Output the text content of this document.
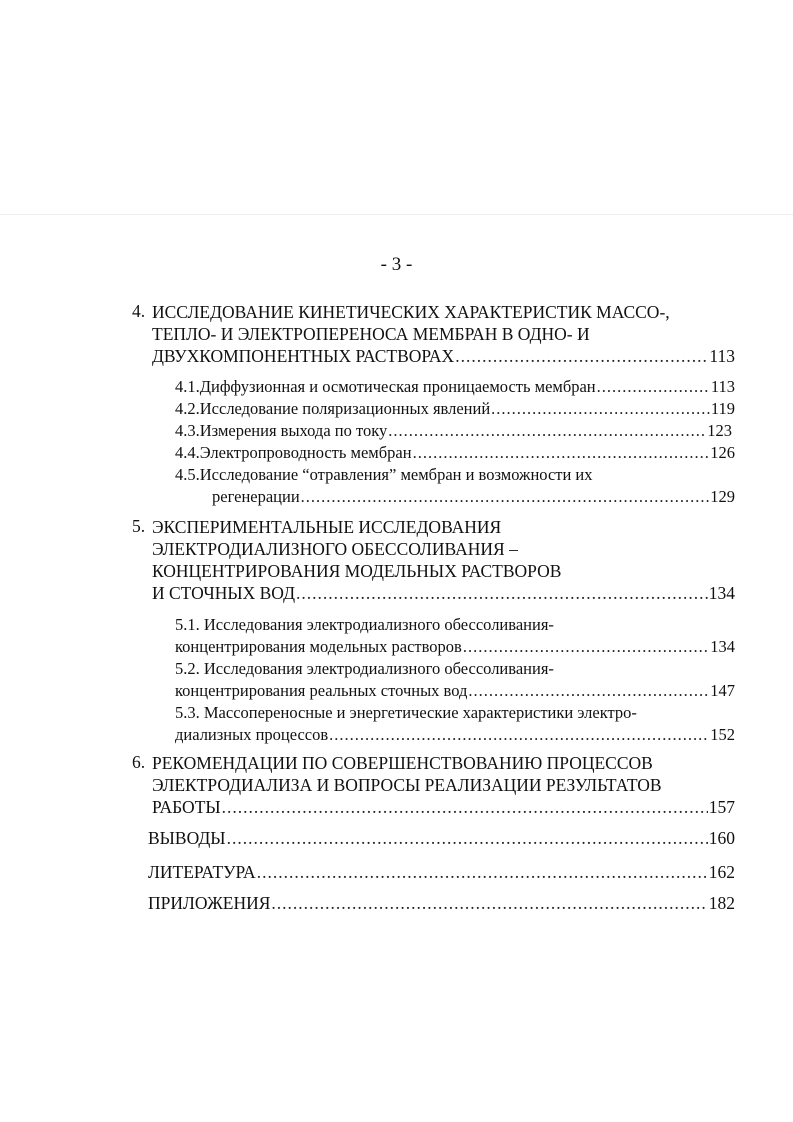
- 3 -
4. ИССЛЕДОВАНИЕ КИНЕТИЧЕСКИХ ХАРАКТЕРИСТИК МАССО-,
ТЕПЛО- И ЭЛЕКТРОПЕРЕНОСА МЕМБРАН В ОДНО- И
ДВУХКОМПОНЕНТНЫХ РАСТВОРАХ .....	113
4.1.Диффузионная и осмотическая проницаемость мембран .....	113
4.2.Исследование поляризационных явлений .....	119
4.3.Измерения выхода по току .....	123
4.4.Электропроводность мембран .....	126
4.5.Исследование “отравления” мембран и возможности их
регенерации .....	129
5. ЭКСПЕРИМЕНТАЛЬНЫЕ ИССЛЕДОВАНИЯ
ЭЛЕКТРОДИАЛИЗНОГО ОБЕССОЛИВАНИЯ –
КОНЦЕНТРИРОВАНИЯ МОДЕЛЬНЫХ РАСТВОРОВ
И СТОЧНЫХ ВОД .....	134
5.1. Исследования электродиализного обессоливания-
концентрирования модельных растворов .....	134
5.2. Исследования электродиализного обессоливания-
концентрирования реальных сточных вод .....	147
5.3. Массопереносные и энергетические характеристики электро-
диализных процессов .....	152
6. РЕКОМЕНДАЦИИ ПО СОВЕРШЕНСТВОВАНИЮ ПРОЦЕССОВ
ЭЛЕКТРОДИАЛИЗА И ВОПРОСЫ РЕАЛИЗАЦИИ РЕЗУЛЬТАТОВ
РАБОТЫ .....	157
ВЫВОДЫ .....	160
ЛИТЕРАТУРА .....	162
ПРИЛОЖЕНИЯ .....	182
